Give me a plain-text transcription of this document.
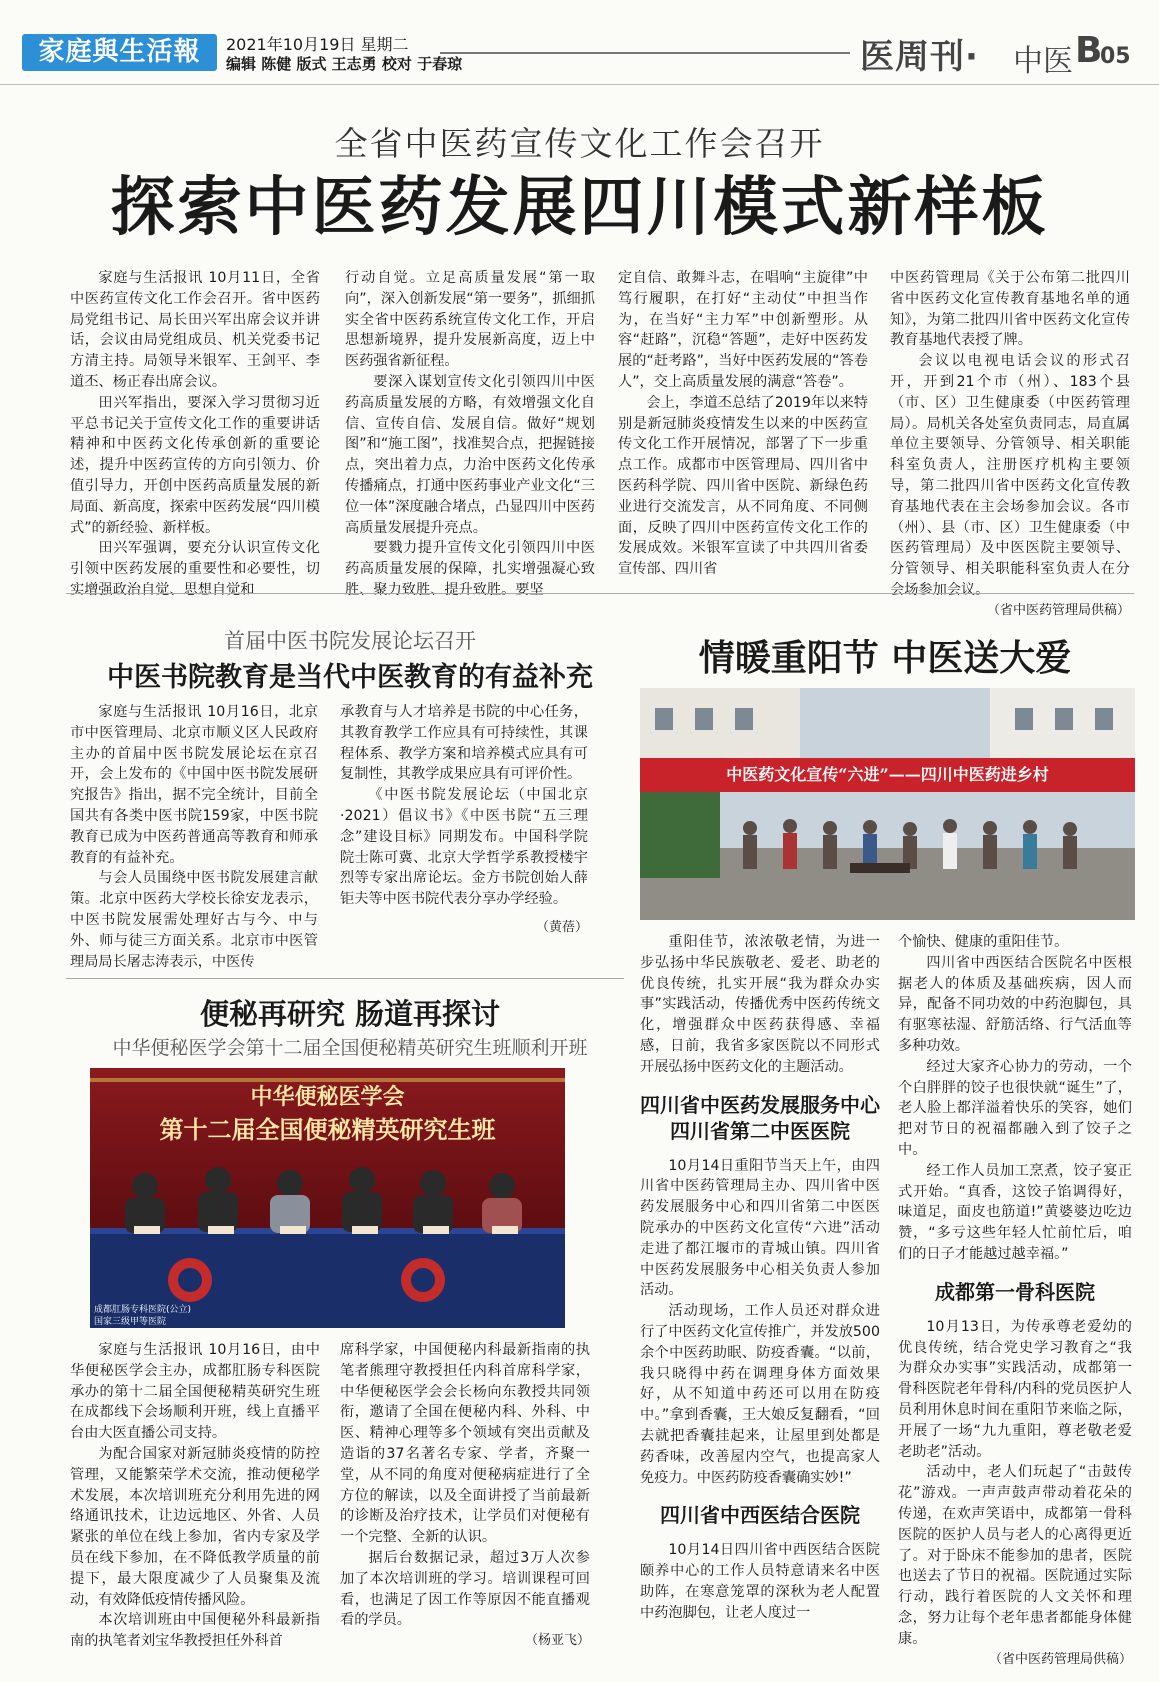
家庭與生活報	2021年10月19日 星期二
编辑 陈健 版式 王志勇 校对 于春琼	医周刊· 中医 B
05
全省中医药宣传文化工作会召开
探索中医药发展四川模式新样板

家庭与生活报讯 10月11日，全省中医药宣传文化工作会召开。省中医药局党组书记、局长田兴军出席会议并讲话，会议由局党组成员、机关党委书记方清主持。局领导米银军、王剑平、李道丕、杨正春出席会议。

田兴军指出，要深入学习贯彻习近平总书记关于宣传文化工作的重要讲话精神和中医药文化传承创新的重要论述，提升中医药宣传的方向引领力、价值引导力，开创中医药高质量发展的新局面、新高度，探索中医药发展“四川模式”的新经验、新样板。

田兴军强调，要充分认识宣传文化引领中医药发展的重要性和必要性，切实增强政治自觉、思想自觉和

行动自觉。立足高质量发展“第一取向”，深入创新发展“第一要务”，抓细抓实全省中医药系统宣传文化工作，开启思想新境界，提升发展新高度，迈上中医药强省新征程。

要深入谋划宣传文化引领四川中医药高质量发展的方略，有效增强文化自信、宣传自信、发展自信。做好“规划图”和“施工图”，找准契合点，把握链接点，突出着力点，力治中医药文化传承传播痛点，打通中医药事业产业文化“三位一体”深度融合堵点，凸显四川中医药高质量发展提升亮点。

要戮力提升宣传文化引领四川中医药高质量发展的保障，扎实增强凝心致胜、聚力致胜、提升致胜。要坚

定自信、敢舞斗志，在唱响“主旋律”中笃行履职，在打好“主动仗”中担当作为，在当好“主力军”中创新塑形。从容“赶路”，沉稳“答题”，走好中医药发展的“赶考路”，当好中医药发展的“答卷人”，交上高质量发展的满意“答卷”。

会上，李道丕总结了2019年以来特别是新冠肺炎疫情发生以来的中医药宣传文化工作开展情况，部署了下一步重点工作。成都市中医管理局、四川省中医药科学院、四川省中医院、新绿色药业进行交流发言，从不同角度、不同侧面，反映了四川中医药宣传文化工作的发展成效。米银军宣读了中共四川省委宣传部、四川省

中医药管理局《关于公布第二批四川省中医药文化宣传教育基地名单的通知》，为第二批四川省中医药文化宣传教育基地代表授了牌。

会议以电视电话会议的形式召开，开到21个市（州）、183个县（市、区）卫生健康委（中医药管理局）。局机关各处室负责同志，局直属单位主要领导、分管领导、相关职能科室负责人，注册医疗机构主要领导，第二批四川省中医药文化宣传教育基地代表在主会场参加会议。各市（州）、县（市、区）卫生健康委（中医药管理局）及中医医院主要领导、分管领导、相关职能科室负责人在分会场参加会议。

（省中医药管理局供稿）
首届中医书院发展论坛召开
中医书院教育是当代中医教育的有益补充

家庭与生活报讯 10月16日，北京市中医管理局、北京市顺义区人民政府主办的首届中医书院发展论坛在京召开，会上发布的《中国中医书院发展研究报告》指出，据不完全统计，目前全国共有各类中医书院159家，中医书院教育已成为中医药普通高等教育和师承教育的有益补充。

与会人员围绕中医书院发展建言献策。北京中医药大学校长徐安龙表示，中医书院发展需处理好古与今、中与外、师与徒三方面关系。北京市中医管理局局长屠志涛表示，中医传

承教育与人才培养是书院的中心任务，其教育教学工作应具有可持续性，其课程体系、教学方案和培养模式应具有可复制性，其教学成果应具有可评价性。

《中医书院发展论坛（中国北京·2021）倡议书》《中医书院“五三理念”建设目标》同期发布。中国科学院院士陈可冀、北京大学哲学系教授楼宇烈等专家出席论坛。金方书院创始人薛钜夫等中医书院代表分享办学经验。

（黄蓓）
便秘再研究 肠道再探讨
中华便秘医学会第十二届全国便秘精英研究生班顺利开班
中华便秘医学会
第十二届全国便秘精英研究生班
成都肛肠专科医院(公立)
国家三级甲等医院

家庭与生活报讯 10月16日，由中华便秘医学会主办，成都肛肠专科医院承办的第十二届全国便秘精英研究生班在成都线下会场顺利开班，线上直播平台由大医直播公司支持。

为配合国家对新冠肺炎疫情的防控管理，又能繁荣学术交流，推动便秘学术发展，本次培训班充分利用先进的网络通讯技术，让边远地区、外省、人员紧张的单位在线上参加，省内专家及学员在线下参加，在不降低教学质量的前提下，最大限度减少了人员聚集及流动，有效降低疫情传播风险。

本次培训班由中国便秘外科最新指南的执笔者刘宝华教授担任外科首

席科学家，中国便秘内科最新指南的执笔者熊理守教授担任内科首席科学家，中华便秘医学会会长杨向东教授共同领衔，邀请了全国在便秘内科、外科、中医、精神心理等多个领域有突出贡献及造诣的37名著名专家、学者，齐聚一堂，从不同的角度对便秘病症进行了全方位的解读，以及全面讲授了当前最新的诊断及治疗技术，让学员们对便秘有一个完整、全新的认识。

据后台数据记录，超过3万人次参加了本次培训班的学习。培训课程可回看，也满足了因工作等原因不能直播观看的学员。

（杨亚飞）
情暖重阳节 中医送大爱
中医药文化宣传“六进”——四川中医药进乡村

重阳佳节，浓浓敬老情，为进一步弘扬中华民族敬老、爱老、助老的优良传统，扎实开展“我为群众办实事”实践活动，传播优秀中医药传统文化，增强群众中医药获得感、幸福感，日前，我省多家医院以不同形式开展弘扬中医药文化的主题活动。

四川省中医药发展服务中心
四川省第二中医医院

10月14日重阳节当天上午，由四川省中医药管理局主办、四川省中医药发展服务中心和四川省第二中医医院承办的中医药文化宣传“六进”活动走进了都江堰市的青城山镇。四川省中医药发展服务中心相关负责人参加活动。

活动现场，工作人员还对群众进行了中医药文化宣传推广，并发放500余个中医药助眠、防疫香囊。“以前，我只晓得中药在调理身体方面效果好，从不知道中药还可以用在防疫中。”拿到香囊，王大娘反复翻看，“回去就把香囊挂起来，让屋里到处都是药香味，改善屋内空气，也提高家人免疫力。中医药防疫香囊确实妙!”

四川省中西医结合医院

10月14日四川省中西医结合医院颐养中心的工作人员特意请来名中医助阵，在寒意笼罩的深秋为老人配置中药泡脚包，让老人度过一

个愉快、健康的重阳佳节。

四川省中西医结合医院名中医根据老人的体质及基础疾病，因人而异，配备不同功效的中药泡脚包，具有驱寒祛湿、舒筋活络、行气活血等多种功效。

经过大家齐心协力的劳动，一个个白胖胖的饺子也很快就“诞生”了，老人脸上都洋溢着快乐的笑容，她们把对节日的祝福都融入到了饺子之中。

经工作人员加工烹煮，饺子宴正式开始。“真香，这饺子馅调得好，味道足，面皮也筋道!”黄婆婆边吃边赞，“多亏这些年轻人忙前忙后，咱们的日子才能越过越幸福。”

成都第一骨科医院

10月13日，为传承尊老爱幼的优良传统，结合党史学习教育之“我为群众办实事”实践活动，成都第一骨科医院老年骨科/内科的党员医护人员利用休息时间在重阳节来临之际，开展了一场“九九重阳，尊老敬老爱老助老”活动。

活动中，老人们玩起了“击鼓传花”游戏。一声声鼓声带动着花朵的传递，在欢声笑语中，成都第一骨科医院的医护人员与老人的心离得更近了。对于卧床不能参加的患者，医院也送去了节日的祝福。医院通过实际行动，践行着医院的人文关怀和理念，努力让每个老年患者都能身体健康。

（省中医药管理局供稿）
